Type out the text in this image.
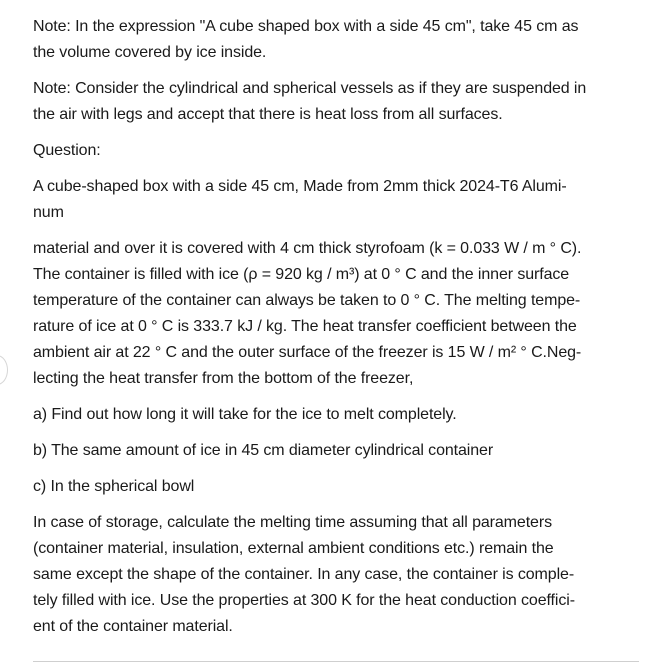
Note: In the expression "A cube shaped box with a side 45 cm", take 45 cm as
the volume covered by ice inside.

Note: Consider the cylindrical and spherical vessels as if they are suspended in
the air with legs and accept that there is heat loss from all surfaces.

Question:

A cube-shaped box with a side 45 cm, Made from 2mm thick 2024-T6 Alumi-
num

material and over it is covered with 4 cm thick styrofoam (k = 0.033 W / m ° C).
The container is filled with ice (ρ = 920 kg / m³) at 0 ° C and the inner surface
temperature of the container can always be taken to 0 ° C. The melting tempe-
rature of ice at 0 ° C is 333.7 kJ / kg. The heat transfer coefficient between the
ambient air at 22 ° C and the outer surface of the freezer is 15 W / m² ° C.Neg-
lecting the heat transfer from the bottom of the freezer,

a) Find out how long it will take for the ice to melt completely.

b) The same amount of ice in 45 cm diameter cylindrical container

c) In the spherical bowl

In case of storage, calculate the melting time assuming that all parameters
(container material, insulation, external ambient conditions etc.) remain the
same except the shape of the container. In any case, the container is comple-
tely filled with ice. Use the properties at 300 K for the heat conduction coeffici-
ent of the container material.
